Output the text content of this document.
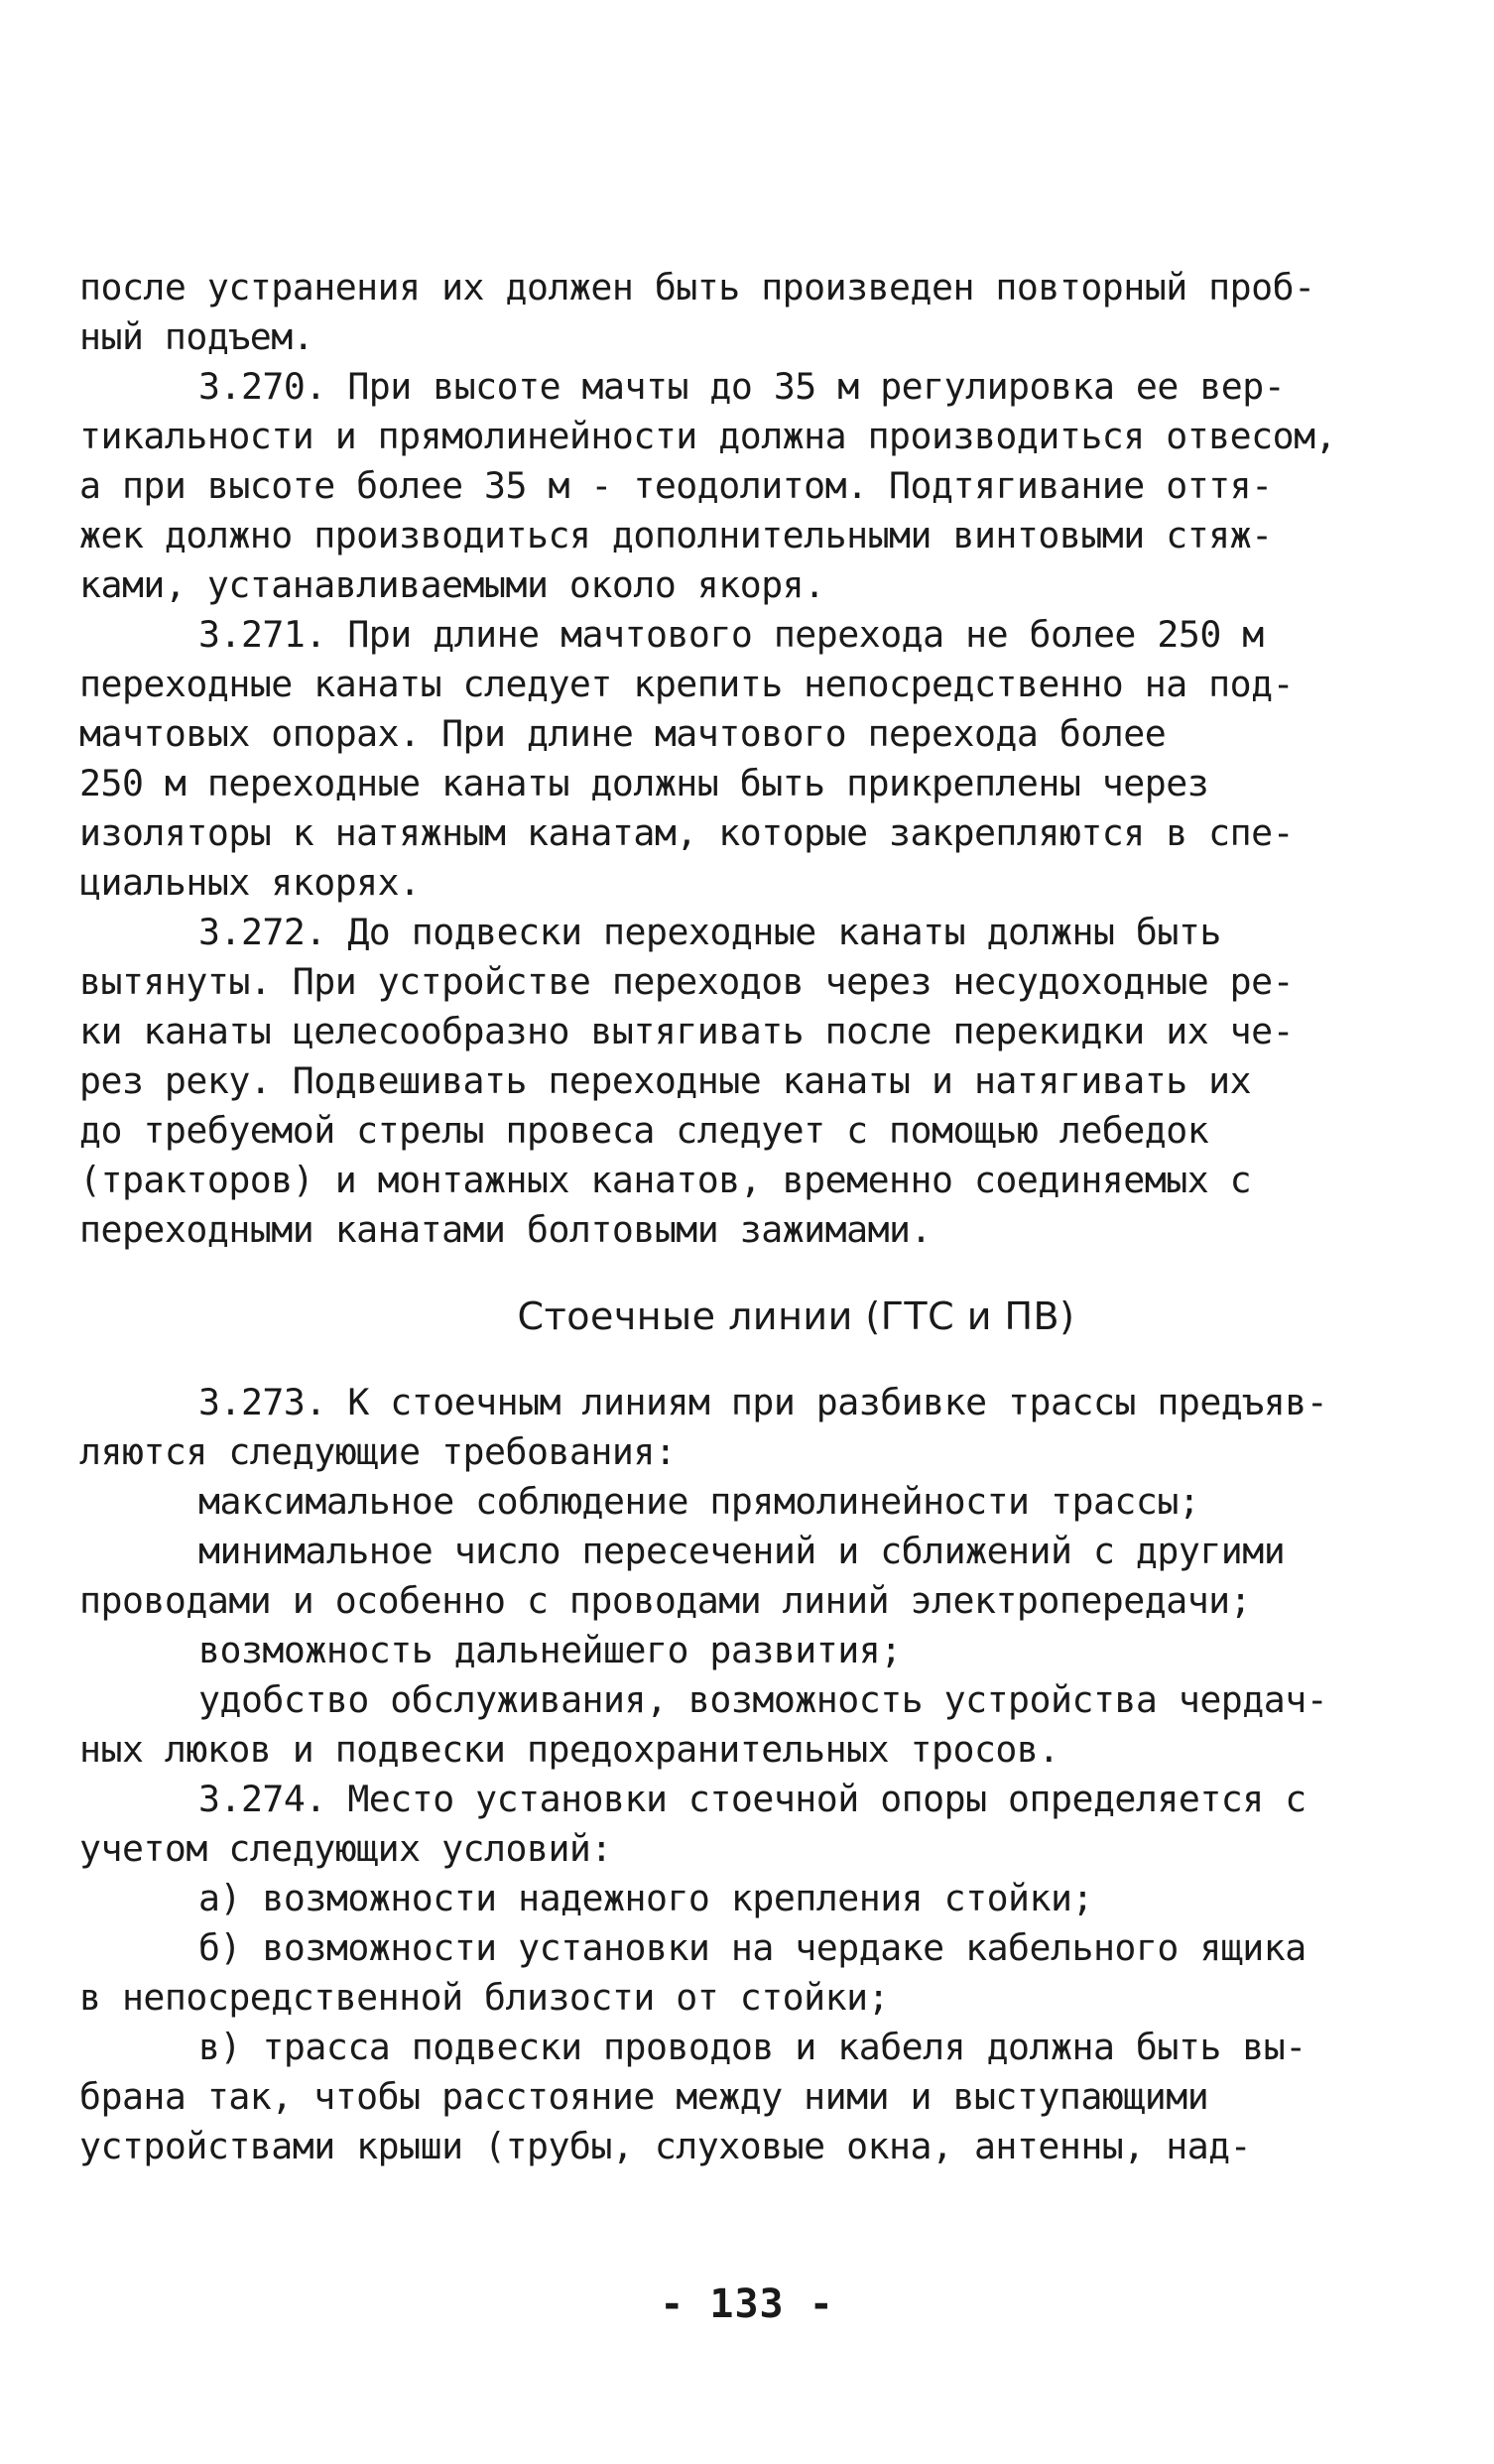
после устранения их должен быть произведен повторный проб-
ный подъем.
3.270. При высоте мачты до 35 м регулировка ее вер-
тикальности и прямолинейности должна производиться отвесом,
а при высоте более 35 м - теодолитом. Подтягивание оття-
жек должно производиться дополнительными винтовыми стяж-
ками, устанавливаемыми около якоря.
3.271. При длине мачтового перехода не более 250 м
переходные канаты следует крепить непосредственно на под-
мачтовых опорах. При длине мачтового перехода более
250 м переходные канаты должны быть прикреплены через
изоляторы к натяжным канатам, которые закрепляются в спе-
циальных якорях.
3.272. До подвески переходные канаты должны быть
вытянуты. При устройстве переходов через несудоходные ре-
ки канаты целесообразно вытягивать после перекидки их че-
рез реку. Подвешивать переходные канаты и натягивать их
до требуемой стрелы провеса следует с помощью лебедок
(тракторов) и монтажных канатов, временно соединяемых с
переходными канатами болтовыми зажимами.
Стоечные линии (ГТС и ПВ)
3.273. К стоечным линиям при разбивке трассы предъяв-
ляются следующие требования:
максимальное соблюдение прямолинейности трассы;
минимальное число пересечений и сближений с другими
проводами и особенно с проводами линий электропередачи;
возможность дальнейшего развития;
удобство обслуживания, возможность устройства чердач-
ных люков и подвески предохранительных тросов.
3.274. Место установки стоечной опоры определяется с
учетом следующих условий:
а) возможности надежного крепления стойки;
б) возможности установки на чердаке кабельного ящика
в непосредственной близости от стойки;
в) трасса подвески проводов и кабеля должна быть вы-
брана так, чтобы расстояние между ними и выступающими
устройствами крыши (трубы, слуховые окна, антенны, над-
- 133 -
